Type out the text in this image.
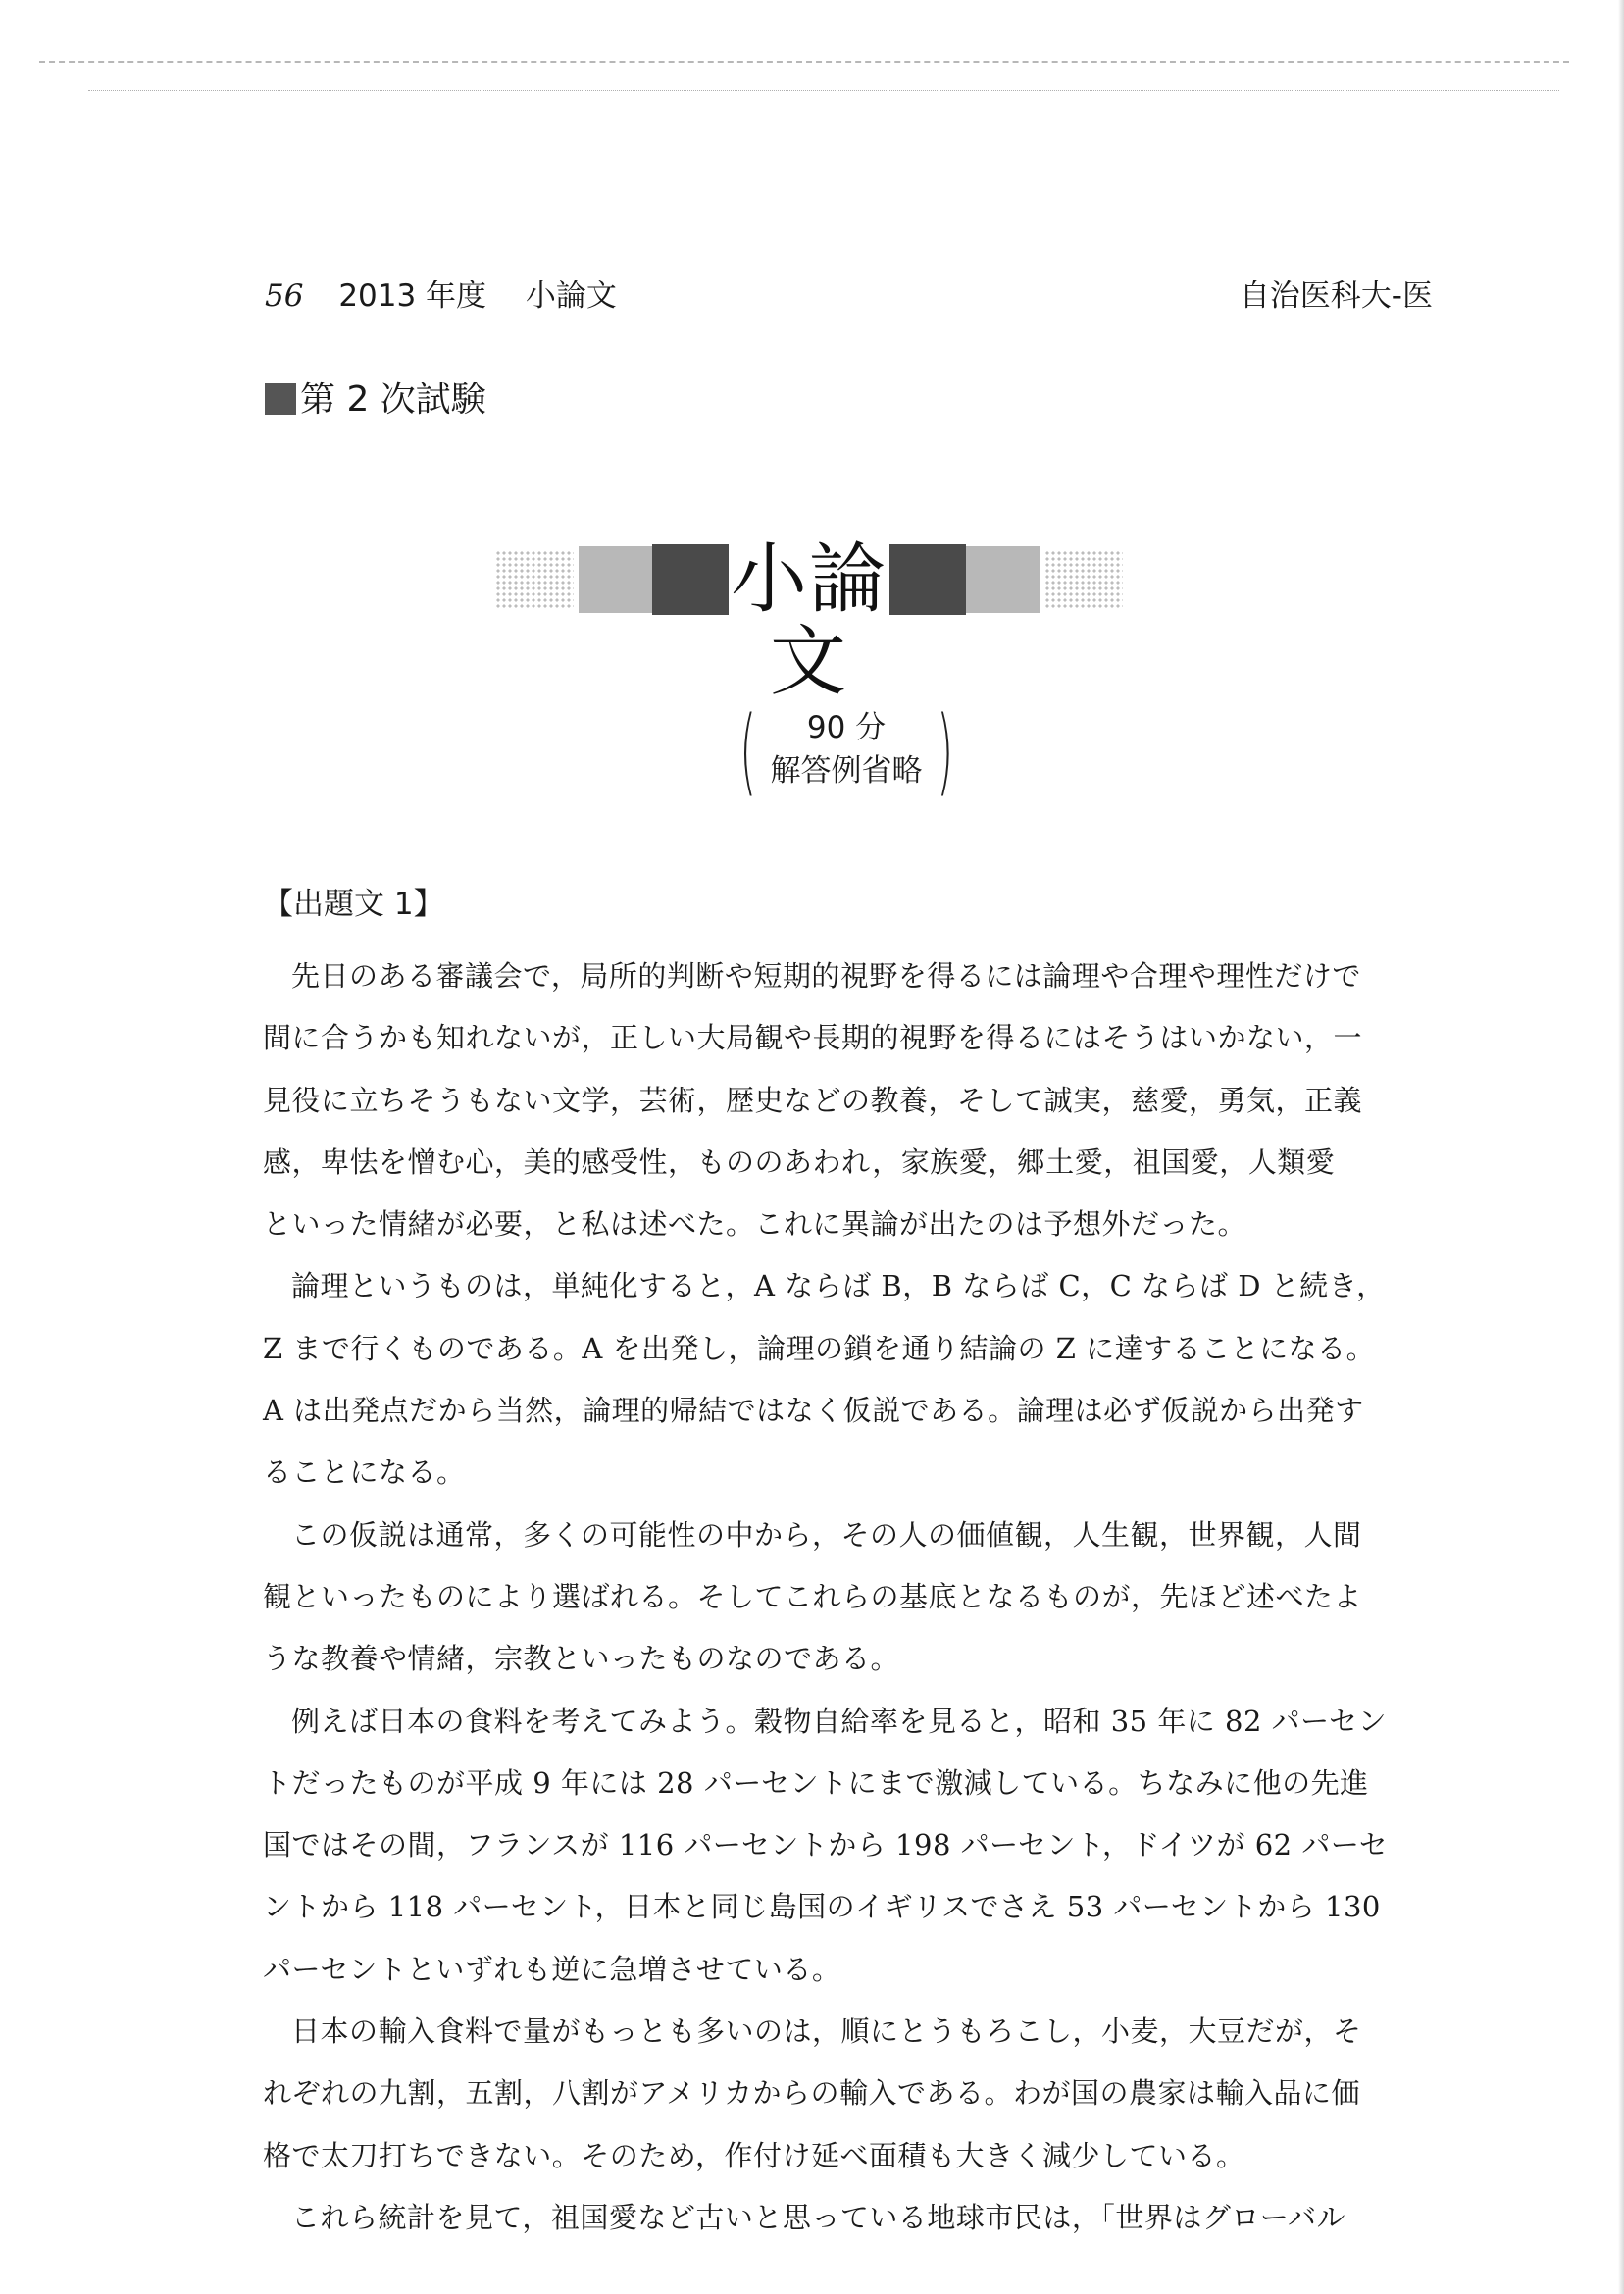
56 2013 年度 小論文	自治医科大-医
第 2 次試験
小論文
(	90 分
解答例省略 )
【出題文 1】

先日のある審議会で，局所的判断や短期的視野を得るには論理や合理や理性だけで
間に合うかも知れないが，正しい大局観や長期的視野を得るにはそうはいかない，一
見役に立ちそうもない文学，芸術，歴史などの教養，そして誠実，慈愛，勇気，正義
感，卑怯を憎む心，美的感受性，もののあわれ，家族愛，郷土愛，祖国愛，人類愛
といった情緒が必要，と私は述べた。これに異論が出たのは予想外だった。

論理というものは，単純化すると，A ならば B，B ならば C，C ならば D と続き，
Z まで行くものである。A を出発し，論理の鎖を通り結論の Z に達することになる。
A は出発点だから当然，論理的帰結ではなく仮説である。論理は必ず仮説から出発す
ることになる。

この仮説は通常，多くの可能性の中から，その人の価値観，人生観，世界観，人間
観といったものにより選ばれる。そしてこれらの基底となるものが，先ほど述べたよ
うな教養や情緒，宗教といったものなのである。

例えば日本の食料を考えてみよう。穀物自給率を見ると，昭和 35 年に 82 パーセン
トだったものが平成 9 年には 28 パーセントにまで激減している。ちなみに他の先進
国ではその間，フランスが 116 パーセントから 198 パーセント，ドイツが 62 パーセ
ントから 118 パーセント，日本と同じ島国のイギリスでさえ 53 パーセントから 130
パーセントといずれも逆に急増させている。

日本の輸入食料で量がもっとも多いのは，順にとうもろこし，小麦，大豆だが，そ
れぞれの九割，五割，八割がアメリカからの輸入である。わが国の農家は輸入品に価
格で太刀打ちできない。そのため，作付け延べ面積も大きく減少している。

これら統計を見て，祖国愛など古いと思っている地球市民は，「世界はグローバル
